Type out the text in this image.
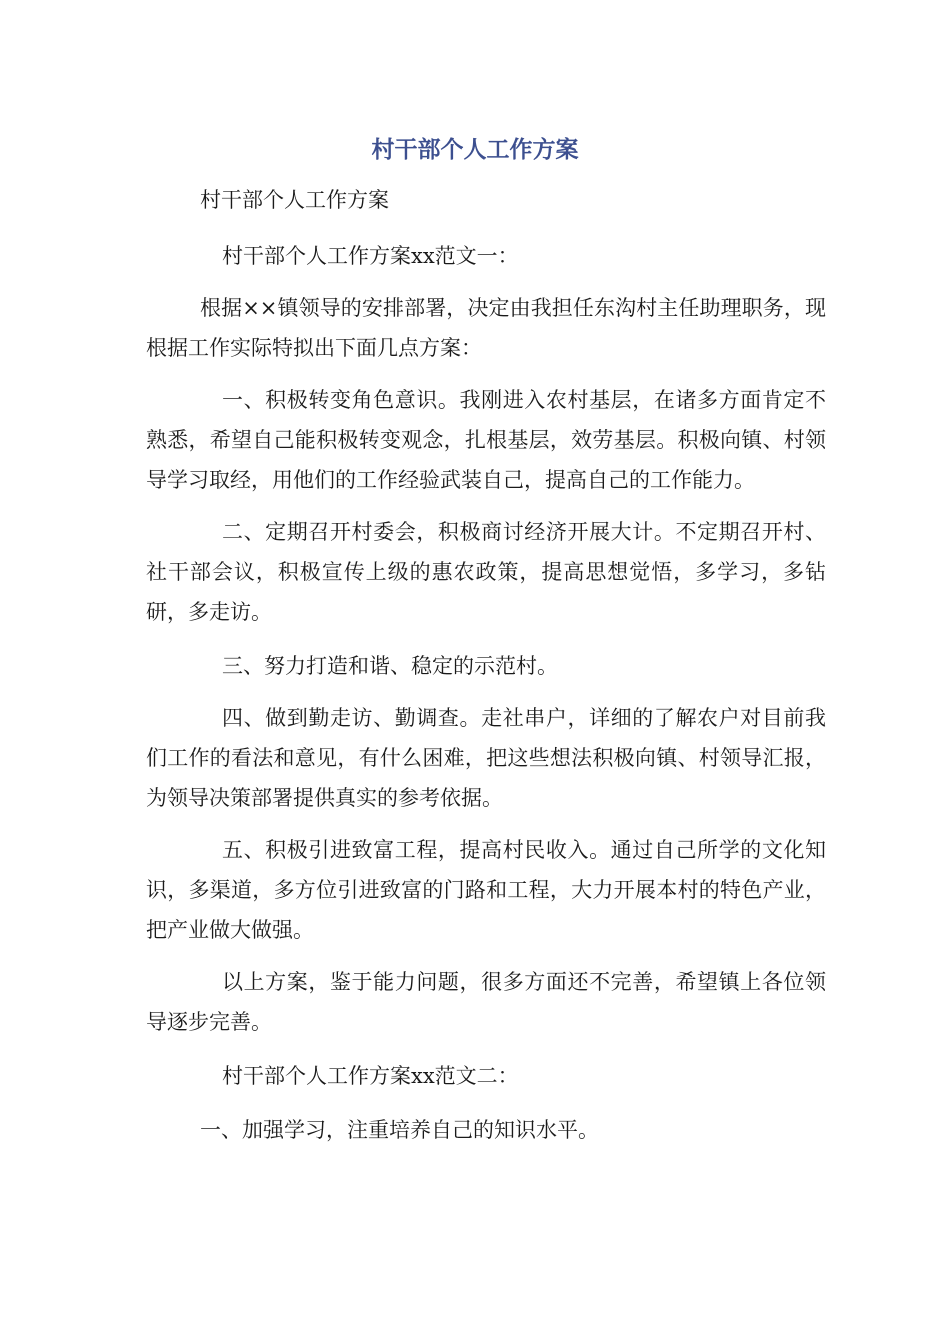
村干部个人工作方案

村干部个人工作方案

村干部个人工作方案xx范文一：

根据××镇领导的安排部署，决定由我担任东沟村主任助理职务，现根据工作实际特拟出下面几点方案：

一、积极转变角色意识。我刚进入农村基层，在诸多方面肯定不熟悉，希望自己能积极转变观念，扎根基层，效劳基层。积极向镇、村领导学习取经，用他们的工作经验武装自己，提高自己的工作能力。

二、定期召开村委会，积极商讨经济开展大计。不定期召开村、社干部会议，积极宣传上级的惠农政策，提高思想觉悟，多学习，多钻研，多走访。

三、努力打造和谐、稳定的示范村。

四、做到勤走访、勤调查。走社串户，详细的了解农户对目前我们工作的看法和意见，有什么困难，把这些想法积极向镇、村领导汇报，为领导决策部署提供真实的参考依据。

五、积极引进致富工程，提高村民收入。通过自己所学的文化知识，多渠道，多方位引进致富的门路和工程，大力开展本村的特色产业，把产业做大做强。

以上方案，鉴于能力问题，很多方面还不完善，希望镇上各位领导逐步完善。

村干部个人工作方案xx范文二：

一、加强学习，注重培养自己的知识水平。
